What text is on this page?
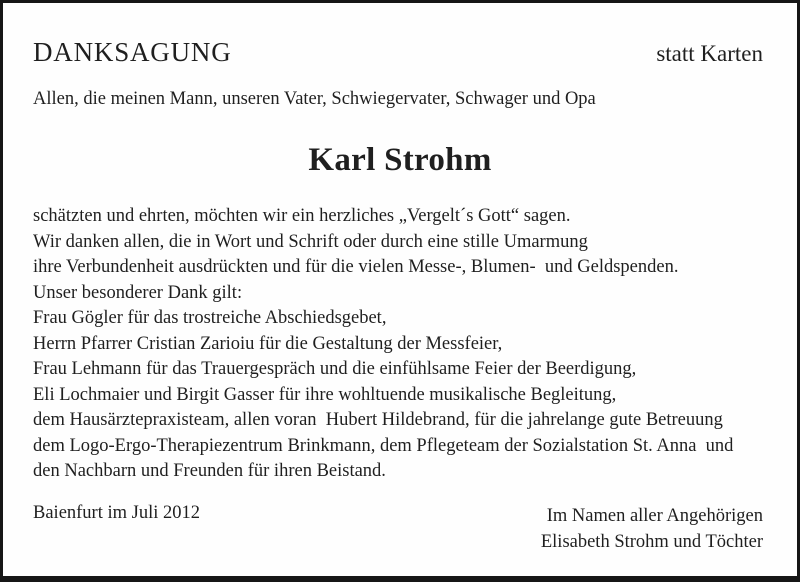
DANKSAGUNG	statt Karten
Allen, die meinen Mann, unseren Vater, Schwiegervater, Schwager und Opa
Karl Strohm
schätzten und ehrten, möchten wir ein herzliches „Vergelt´s Gott“ sagen.
Wir danken allen, die in Wort und Schrift oder durch eine stille Umarmung
ihre Verbundenheit ausdrückten und für die vielen Messe-, Blumen-  und Geldspenden.
Unser besonderer Dank gilt:
Frau Gögler für das trostreiche Abschiedsgebet,
Herrn Pfarrer Cristian Zarioiu für die Gestaltung der Messfeier,
Frau Lehmann für das Trauergespräch und die einfühlsame Feier der Beerdigung,
Eli Lochmaier und Birgit Gasser für ihre wohltuende musikalische Begleitung,
dem Hausärztepraxisteam, allen voran  Hubert Hildebrand, für die jahrelange gute Betreuung
dem Logo-Ergo-Therapiezentrum Brinkmann, dem Pflegeteam der Sozialstation St. Anna  und
den Nachbarn und Freunden für ihren Beistand.
Baienfurt im Juli 2012	Im Namen aller Angehörigen
Elisabeth Strohm und Töchter
